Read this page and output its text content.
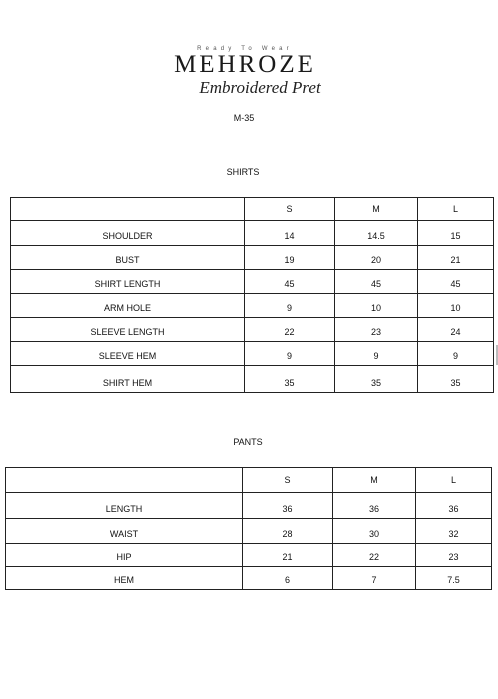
Ready To Wear
MEHROZE
Embroidered Pret
M-35
SHIRTS
	S	M	L
SHOULDER	14	14.5	15
BUST	19	20	21
SHIRT LENGTH	45	45	45
ARM HOLE	9	10	10
SLEEVE LENGTH	22	23	24
SLEEVE HEM	9	9	9
SHIRT HEM	35	35	35
PANTS
	S	M	L
LENGTH	36	36	36
WAIST	28	30	32
HIP	21	22	23
HEM	6	7	7.5
